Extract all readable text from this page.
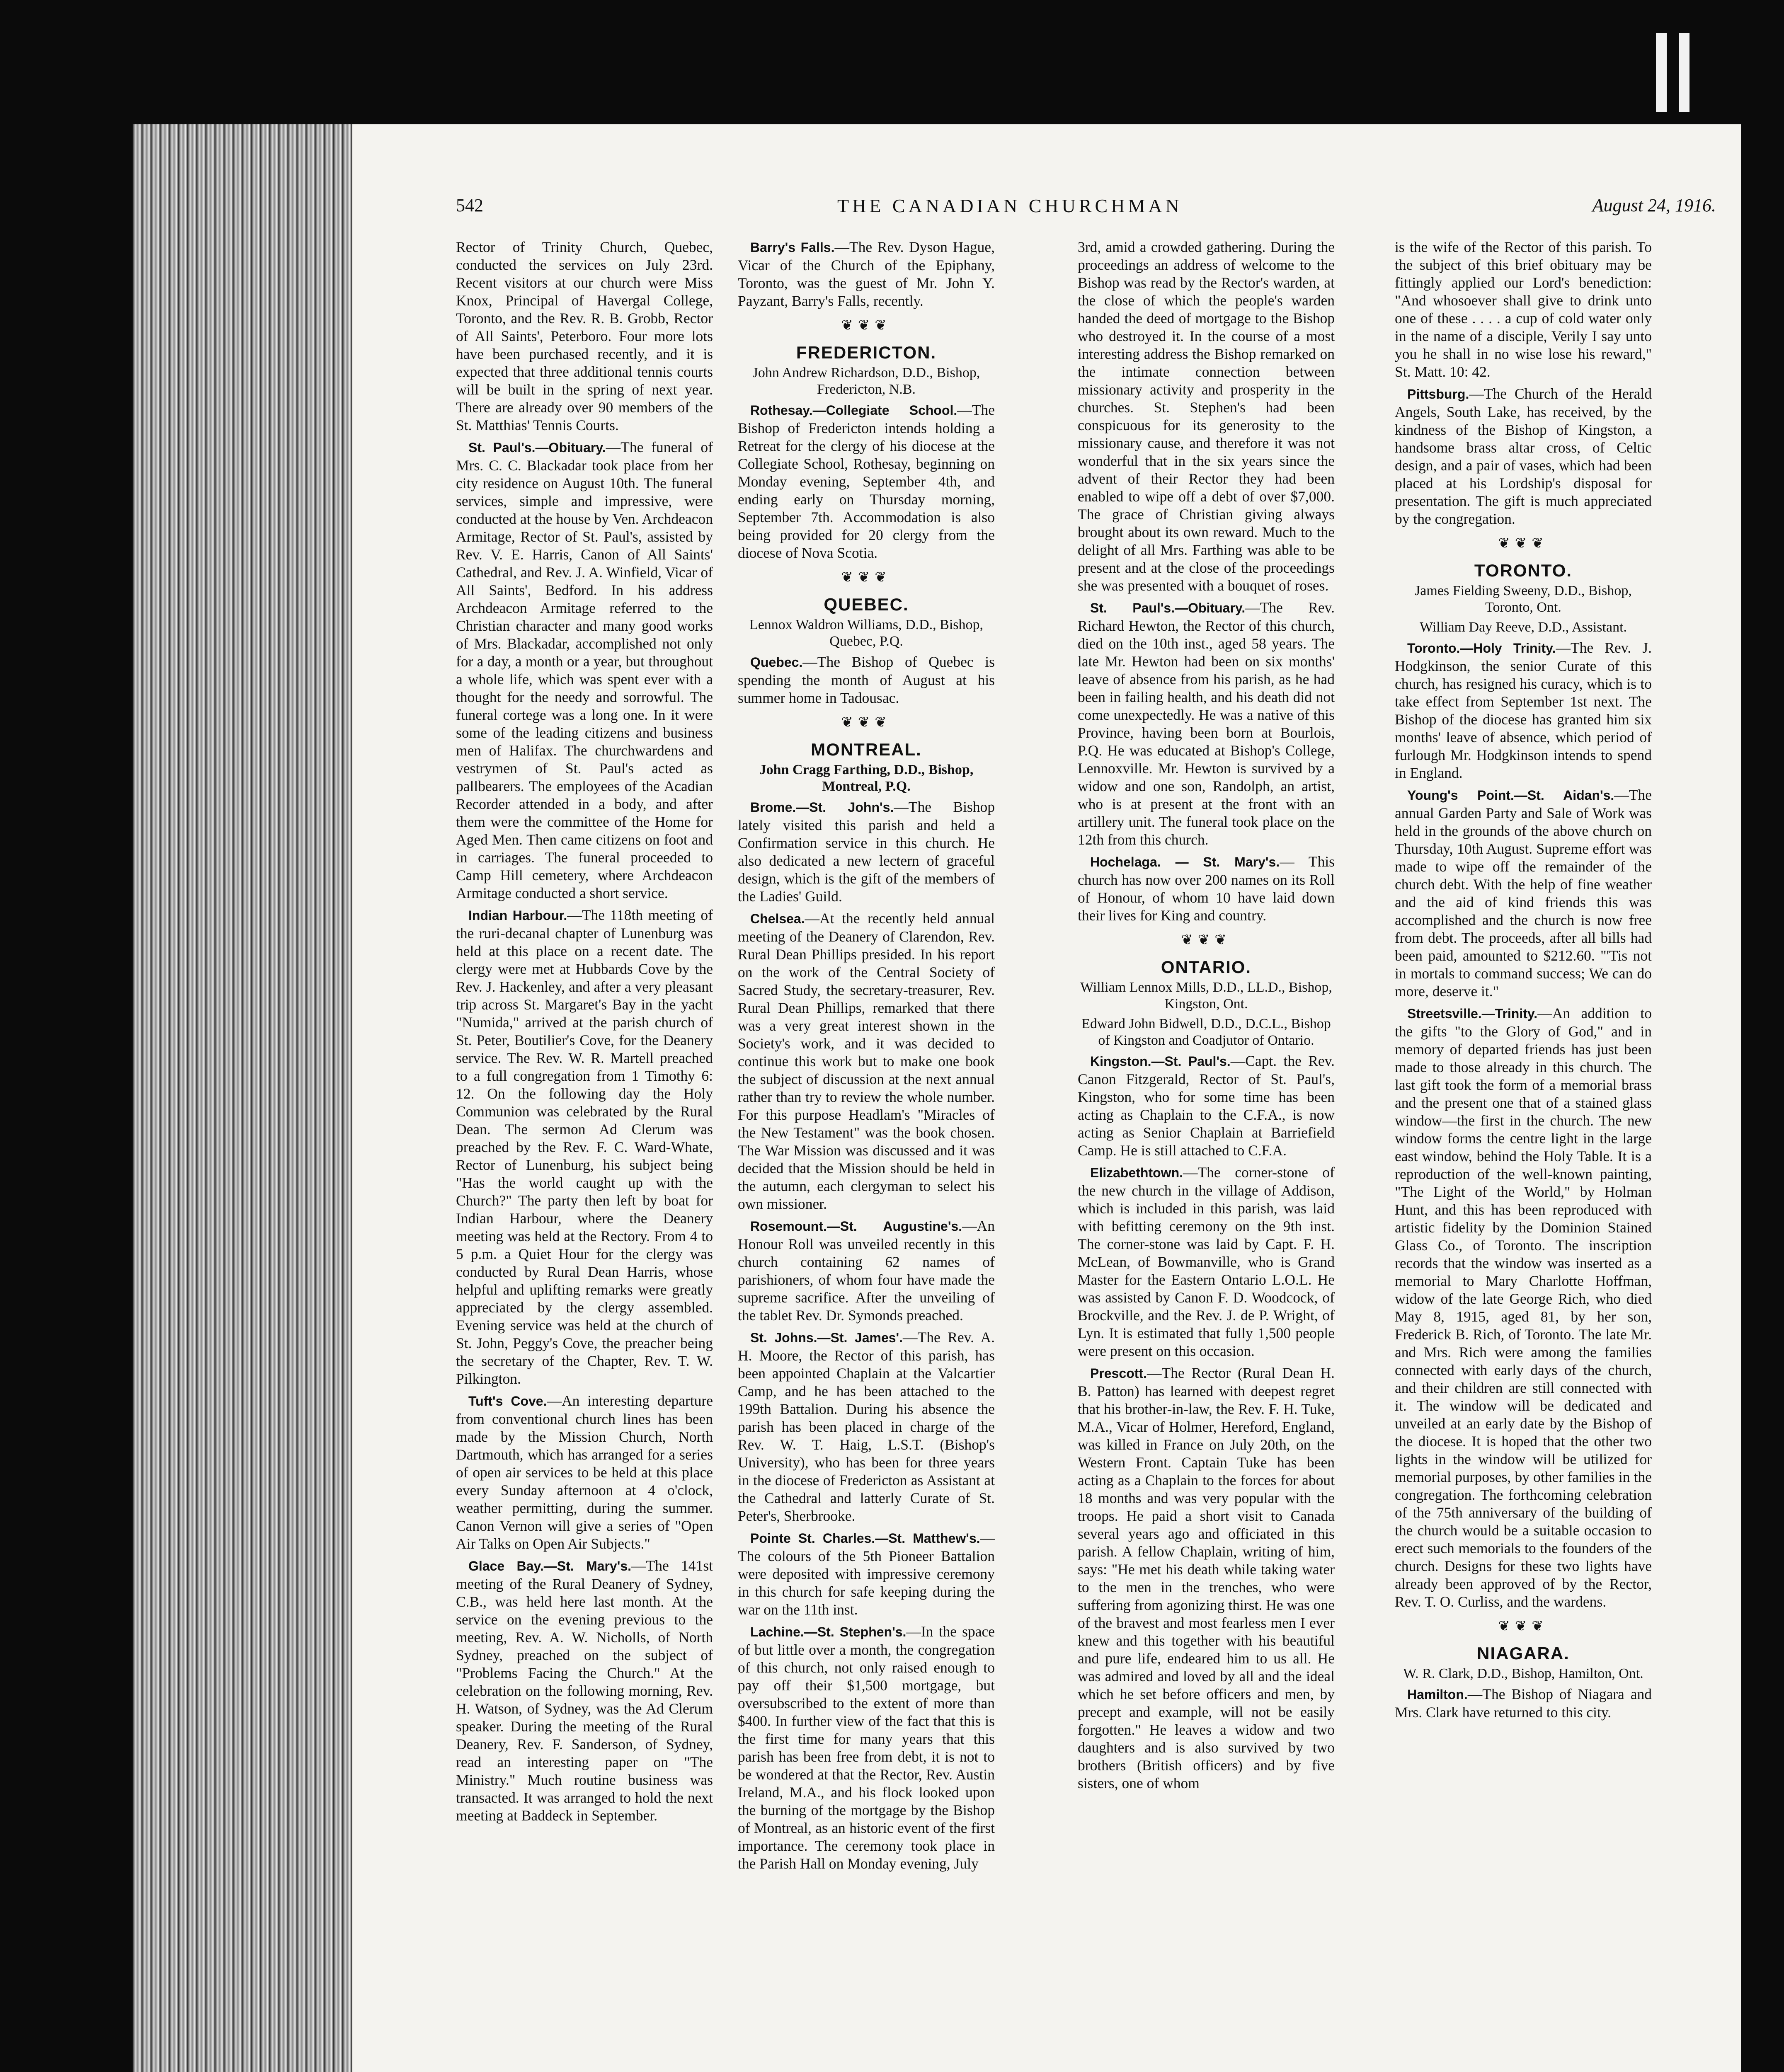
542	THE CANADIAN CHURCHMAN	August 24, 1916.

Rector of Trinity Church, Quebec, conducted the services on July 23rd. Recent visitors at our church were Miss Knox, Principal of Havergal College, Toronto, and the Rev. R. B. Grobb, Rector of All Saints', Peterboro. Four more lots have been purchased recently, and it is expected that three additional tennis courts will be built in the spring of next year. There are already over 90 members of the St. Matthias' Tennis Courts.

St. Paul's.—Obituary.—The funeral of Mrs. C. C. Blackadar took place from her city residence on August 10th. The funeral services, simple and impressive, were conducted at the house by Ven. Archdeacon Armitage, Rector of St. Paul's, assisted by Rev. V. E. Harris, Canon of All Saints' Cathedral, and Rev. J. A. Winfield, Vicar of All Saints', Bedford. In his address Archdeacon Armitage referred to the Christian character and many good works of Mrs. Blackadar, accomplished not only for a day, a month or a year, but throughout a whole life, which was spent ever with a thought for the needy and sorrowful. The funeral cortege was a long one. In it were some of the leading citizens and business men of Halifax. The churchwardens and vestrymen of St. Paul's acted as pallbearers. The employees of the Acadian Recorder attended in a body, and after them were the committee of the Home for Aged Men. Then came citizens on foot and in carriages. The funeral proceeded to Camp Hill cemetery, where Archdeacon Armitage conducted a short service.

Indian Harbour.—The 118th meeting of the ruri-decanal chapter of Lunenburg was held at this place on a recent date. The clergy were met at Hubbards Cove by the Rev. J. Hackenley, and after a very pleasant trip across St. Margaret's Bay in the yacht "Numida," arrived at the parish church of St. Peter, Boutilier's Cove, for the Deanery service. The Rev. W. R. Martell preached to a full congregation from 1 Timothy 6: 12. On the following day the Holy Communion was celebrated by the Rural Dean. The sermon Ad Clerum was preached by the Rev. F. C. Ward-Whate, Rector of Lunenburg, his subject being "Has the world caught up with the Church?" The party then left by boat for Indian Harbour, where the Deanery meeting was held at the Rectory. From 4 to 5 p.m. a Quiet Hour for the clergy was conducted by Rural Dean Harris, whose helpful and uplifting remarks were greatly appreciated by the clergy assembled. Evening service was held at the church of St. John, Peggy's Cove, the preacher being the secretary of the Chapter, Rev. T. W. Pilkington.

Tuft's Cove.—An interesting departure from conventional church lines has been made by the Mission Church, North Dartmouth, which has arranged for a series of open air services to be held at this place every Sunday afternoon at 4 o'clock, weather permitting, during the summer. Canon Vernon will give a series of "Open Air Talks on Open Air Subjects."

Glace Bay.—St. Mary's.—The 141st meeting of the Rural Deanery of Sydney, C.B., was held here last month. At the service on the evening previous to the meeting, Rev. A. W. Nicholls, of North Sydney, preached on the subject of "Problems Facing the Church." At the celebration on the following morning, Rev. H. Watson, of Sydney, was the Ad Clerum speaker. During the meeting of the Rural Deanery, Rev. F. Sanderson, of Sydney, read an interesting paper on "The Ministry." Much routine business was transacted. It was arranged to hold the next meeting at Baddeck in September.

Barry's Falls.—The Rev. Dyson Hague, Vicar of the Church of the Epiphany, Toronto, was the guest of Mr. John Y. Payzant, Barry's Falls, recently.

❦❦❦

FREDERICTON.

John Andrew Richardson, D.D., Bishop, Fredericton, N.B.

Rothesay.—Collegiate School.—The Bishop of Fredericton intends holding a Retreat for the clergy of his diocese at the Collegiate School, Rothesay, beginning on Monday evening, September 4th, and ending early on Thursday morning, September 7th. Accommodation is also being provided for 20 clergy from the diocese of Nova Scotia.

❦❦❦

QUEBEC.

Lennox Waldron Williams, D.D., Bishop, Quebec, P.Q.

Quebec.—The Bishop of Quebec is spending the month of August at his summer home in Tadousac.

❦❦❦

MONTREAL.

John Cragg Farthing, D.D., Bishop, Montreal, P.Q.

Brome.—St. John's.—The Bishop lately visited this parish and held a Confirmation service in this church. He also dedicated a new lectern of graceful design, which is the gift of the members of the Ladies' Guild.

Chelsea.—At the recently held annual meeting of the Deanery of Clarendon, Rev. Rural Dean Phillips presided. In his report on the work of the Central Society of Sacred Study, the secretary-treasurer, Rev. Rural Dean Phillips, remarked that there was a very great interest shown in the Society's work, and it was decided to continue this work but to make one book the subject of discussion at the next annual rather than try to review the whole number. For this purpose Headlam's "Miracles of the New Testament" was the book chosen. The War Mission was discussed and it was decided that the Mission should be held in the autumn, each clergyman to select his own missioner.

Rosemount.—St. Augustine's.—An Honour Roll was unveiled recently in this church containing 62 names of parishioners, of whom four have made the supreme sacrifice. After the unveiling of the tablet Rev. Dr. Symonds preached.

St. Johns.—St. James'.—The Rev. A. H. Moore, the Rector of this parish, has been appointed Chaplain at the Valcartier Camp, and he has been attached to the 199th Battalion. During his absence the parish has been placed in charge of the Rev. W. T. Haig, L.S.T. (Bishop's University), who has been for three years in the diocese of Fredericton as Assistant at the Cathedral and latterly Curate of St. Peter's, Sherbrooke.

Pointe St. Charles.—St. Matthew's.—The colours of the 5th Pioneer Battalion were deposited with impressive ceremony in this church for safe keeping during the war on the 11th inst.

Lachine.—St. Stephen's.—In the space of but little over a month, the congregation of this church, not only raised enough to pay off their $1,500 mortgage, but oversubscribed to the extent of more than $400. In further view of the fact that this is the first time for many years that this parish has been free from debt, it is not to be wondered at that the Rector, Rev. Austin Ireland, M.A., and his flock looked upon the burning of the mortgage by the Bishop of Montreal, as an historic event of the first importance. The ceremony took place in the Parish Hall on Monday evening, July

3rd, amid a crowded gathering. During the proceedings an address of welcome to the Bishop was read by the Rector's warden, at the close of which the people's warden handed the deed of mortgage to the Bishop who destroyed it. In the course of a most interesting address the Bishop remarked on the intimate connection between missionary activity and prosperity in the churches. St. Stephen's had been conspicuous for its generosity to the missionary cause, and therefore it was not wonderful that in the six years since the advent of their Rector they had been enabled to wipe off a debt of over $7,000. The grace of Christian giving always brought about its own reward. Much to the delight of all Mrs. Farthing was able to be present and at the close of the proceedings she was presented with a bouquet of roses.

St. Paul's.—Obituary.—The Rev. Richard Hewton, the Rector of this church, died on the 10th inst., aged 58 years. The late Mr. Hewton had been on six months' leave of absence from his parish, as he had been in failing health, and his death did not come unexpectedly. He was a native of this Province, having been born at Bourlois, P.Q. He was educated at Bishop's College, Lennoxville. Mr. Hewton is survived by a widow and one son, Randolph, an artist, who is at present at the front with an artillery unit. The funeral took place on the 12th from this church.

Hochelaga. — St. Mary's.— This church has now over 200 names on its Roll of Honour, of whom 10 have laid down their lives for King and country.

❦❦❦

ONTARIO.

William Lennox Mills, D.D., LL.D., Bishop, Kingston, Ont.

Edward John Bidwell, D.D., D.C.L., Bishop of Kingston and Coadjutor of Ontario.

Kingston.—St. Paul's.—Capt. the Rev. Canon Fitzgerald, Rector of St. Paul's, Kingston, who for some time has been acting as Chaplain to the C.F.A., is now acting as Senior Chaplain at Barriefield Camp. He is still attached to C.F.A.

Elizabethtown.—The corner-stone of the new church in the village of Addison, which is included in this parish, was laid with befitting ceremony on the 9th inst. The corner-stone was laid by Capt. F. H. McLean, of Bowmanville, who is Grand Master for the Eastern Ontario L.O.L. He was assisted by Canon F. D. Woodcock, of Brockville, and the Rev. J. de P. Wright, of Lyn. It is estimated that fully 1,500 people were present on this occasion.

Prescott.—The Rector (Rural Dean H. B. Patton) has learned with deepest regret that his brother-in-law, the Rev. F. H. Tuke, M.A., Vicar of Holmer, Hereford, England, was killed in France on July 20th, on the Western Front. Captain Tuke has been acting as a Chaplain to the forces for about 18 months and was very popular with the troops. He paid a short visit to Canada several years ago and officiated in this parish. A fellow Chaplain, writing of him, says: "He met his death while taking water to the men in the trenches, who were suffering from agonizing thirst. He was one of the bravest and most fearless men I ever knew and this together with his beautiful and pure life, endeared him to us all. He was admired and loved by all and the ideal which he set before officers and men, by precept and example, will not be easily forgotten." He leaves a widow and two daughters and is also survived by two brothers (British officers) and by five sisters, one of whom

is the wife of the Rector of this parish. To the subject of this brief obituary may be fittingly applied our Lord's benediction: "And whosoever shall give to drink unto one of these . . . . a cup of cold water only in the name of a disciple, Verily I say unto you he shall in no wise lose his reward," St. Matt. 10: 42.

Pittsburg.—The Church of the Herald Angels, South Lake, has received, by the kindness of the Bishop of Kingston, a handsome brass altar cross, of Celtic design, and a pair of vases, which had been placed at his Lordship's disposal for presentation. The gift is much appreciated by the congregation.

❦❦❦

TORONTO.

James Fielding Sweeny, D.D., Bishop, Toronto, Ont.

William Day Reeve, D.D., Assistant.

Toronto.—Holy Trinity.—The Rev. J. Hodgkinson, the senior Curate of this church, has resigned his curacy, which is to take effect from September 1st next. The Bishop of the diocese has granted him six months' leave of absence, which period of furlough Mr. Hodgkinson intends to spend in England.

Young's Point.—St. Aidan's.—The annual Garden Party and Sale of Work was held in the grounds of the above church on Thursday, 10th August. Supreme effort was made to wipe off the remainder of the church debt. With the help of fine weather and the aid of kind friends this was accomplished and the church is now free from debt. The proceeds, after all bills had been paid, amounted to $212.60. "'Tis not in mortals to command success; We can do more, deserve it."

Streetsville.—Trinity.—An addition to the gifts "to the Glory of God," and in memory of departed friends has just been made to those already in this church. The last gift took the form of a memorial brass and the present one that of a stained glass window—the first in the church. The new window forms the centre light in the large east window, behind the Holy Table. It is a reproduction of the well-known painting, "The Light of the World," by Holman Hunt, and this has been reproduced with artistic fidelity by the Dominion Stained Glass Co., of Toronto. The inscription records that the window was inserted as a memorial to Mary Charlotte Hoffman, widow of the late George Rich, who died May 8, 1915, aged 81, by her son, Frederick B. Rich, of Toronto. The late Mr. and Mrs. Rich were among the families connected with early days of the church, and their children are still connected with it. The window will be dedicated and unveiled at an early date by the Bishop of the diocese. It is hoped that the other two lights in the window will be utilized for memorial purposes, by other families in the congregation. The forthcoming celebration of the 75th anniversary of the building of the church would be a suitable occasion to erect such memorials to the founders of the church. Designs for these two lights have already been approved of by the Rector, Rev. T. O. Curliss, and the wardens.

❦❦❦

NIAGARA.

W. R. Clark, D.D., Bishop, Hamilton, Ont.

Hamilton.—The Bishop of Niagara and Mrs. Clark have returned to this city.
